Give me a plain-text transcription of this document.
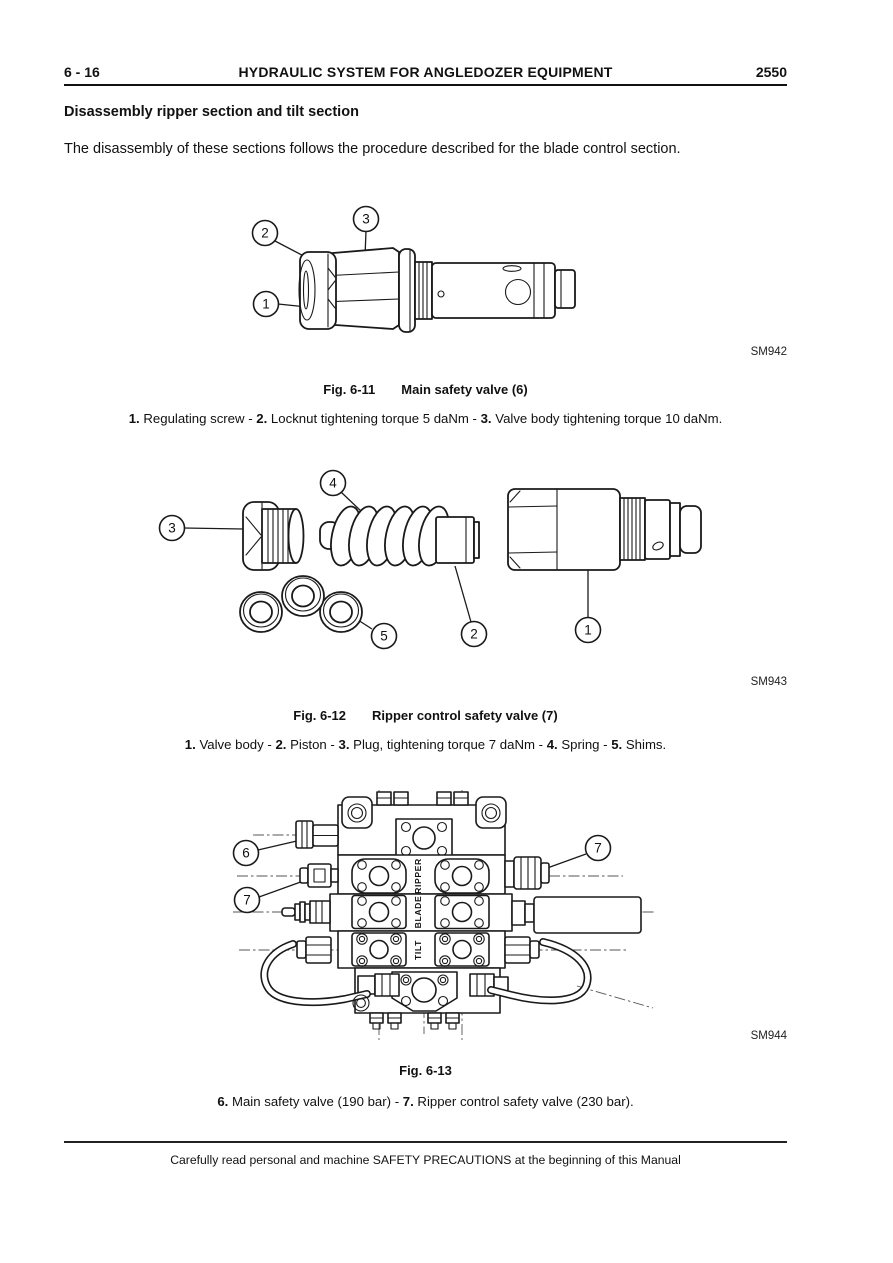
6 - 16	HYDRAULIC SYSTEM FOR ANGLEDOZER EQUIPMENT	2550
Disassembly ripper section and tilt section
The disassembly of these sections follows the procedure described for the blade control section.
2
3
1
SM942
Fig. 6-11 Main safety valve (6)

1. Regulating screw - 2. Locknut tightening torque 5 daNm - 3. Valve body tightening torque 10 daNm.

3
4
5	2	1
SM943
Fig. 6-12 Ripper control safety valve (7)

1. Valve body - 2. Piston - 3. Plug, tightening torque 7 daNm - 4. Spring - 5. Shims.

RIPPER
BLADE
TILT
6
7
7
SM944
Fig. 6-13

6. Main safety valve (190 bar) - 7. Ripper control safety valve (230 bar).

Carefully read personal and machine SAFETY PRECAUTIONS at the beginning of this Manual
